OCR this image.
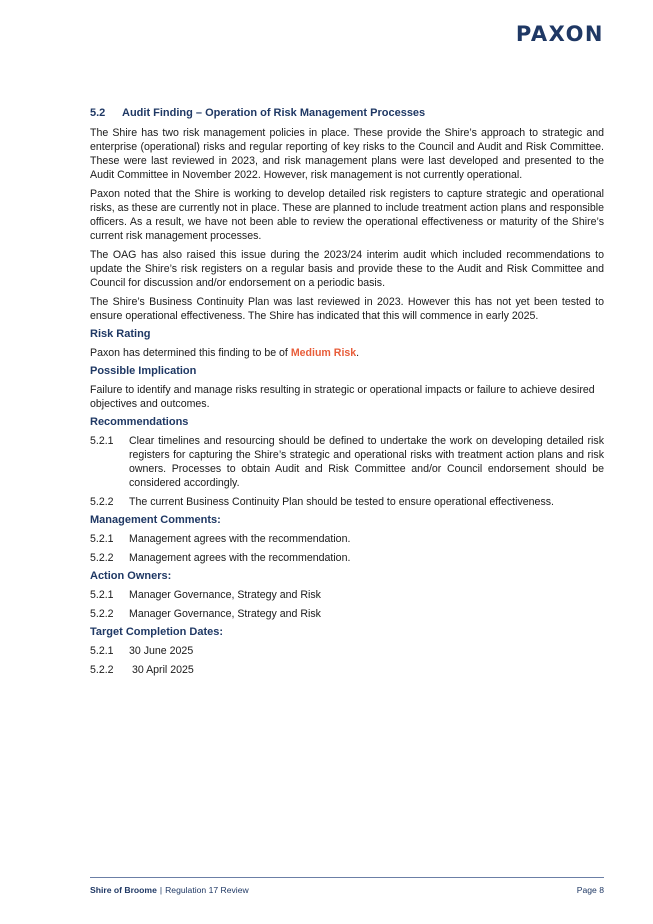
PAXON
5.2	Audit Finding – Operation of Risk Management Processes

The Shire has two risk management policies in place. These provide the Shire’s approach to strategic and enterprise (operational) risks and regular reporting of key risks to the Council and Audit and Risk Committee. These were last reviewed in 2023, and risk management plans were last developed and presented to the Audit Committee in November 2022. However, risk management is not currently operational.

Paxon noted that the Shire is working to develop detailed risk registers to capture strategic and operational risks, as these are currently not in place. These are planned to include treatment action plans and responsible officers. As a result, we have not been able to review the operational effectiveness or maturity of the Shire’s current risk management processes.

The OAG has also raised this issue during the 2023/24 interim audit which included recommendations to update the Shire’s risk registers on a regular basis and provide these to the Audit and Risk Committee and Council for discussion and/or endorsement on a periodic basis.

The Shire’s Business Continuity Plan was last reviewed in 2023. However this has not yet been tested to ensure operational effectiveness. The Shire has indicated that this will commence in early 2025.

Risk Rating

Paxon has determined this finding to be of Medium Risk.

Possible Implication

Failure to identify and manage risks resulting in strategic or operational impacts or failure to achieve desired objectives and outcomes.

Recommendations
5.2.1	Clear timelines and resourcing should be defined to undertake the work on developing detailed risk registers for capturing the Shire’s strategic and operational risks with treatment action plans and risk owners. Processes to obtain Audit and Risk Committee and/or Council endorsement should be considered accordingly.
5.2.2	The current Business Continuity Plan should be tested to ensure operational effectiveness.
Management Comments:
5.2.1	Management agrees with the recommendation.
5.2.2	Management agrees with the recommendation.
Action Owners:
5.2.1	Manager Governance, Strategy and Risk
5.2.2	Manager Governance, Strategy and Risk
Target Completion Dates:
5.2.1	30 June 2025
5.2.2	30 April 2025
Shire of Broome | Regulation 17 Review	Page 8
